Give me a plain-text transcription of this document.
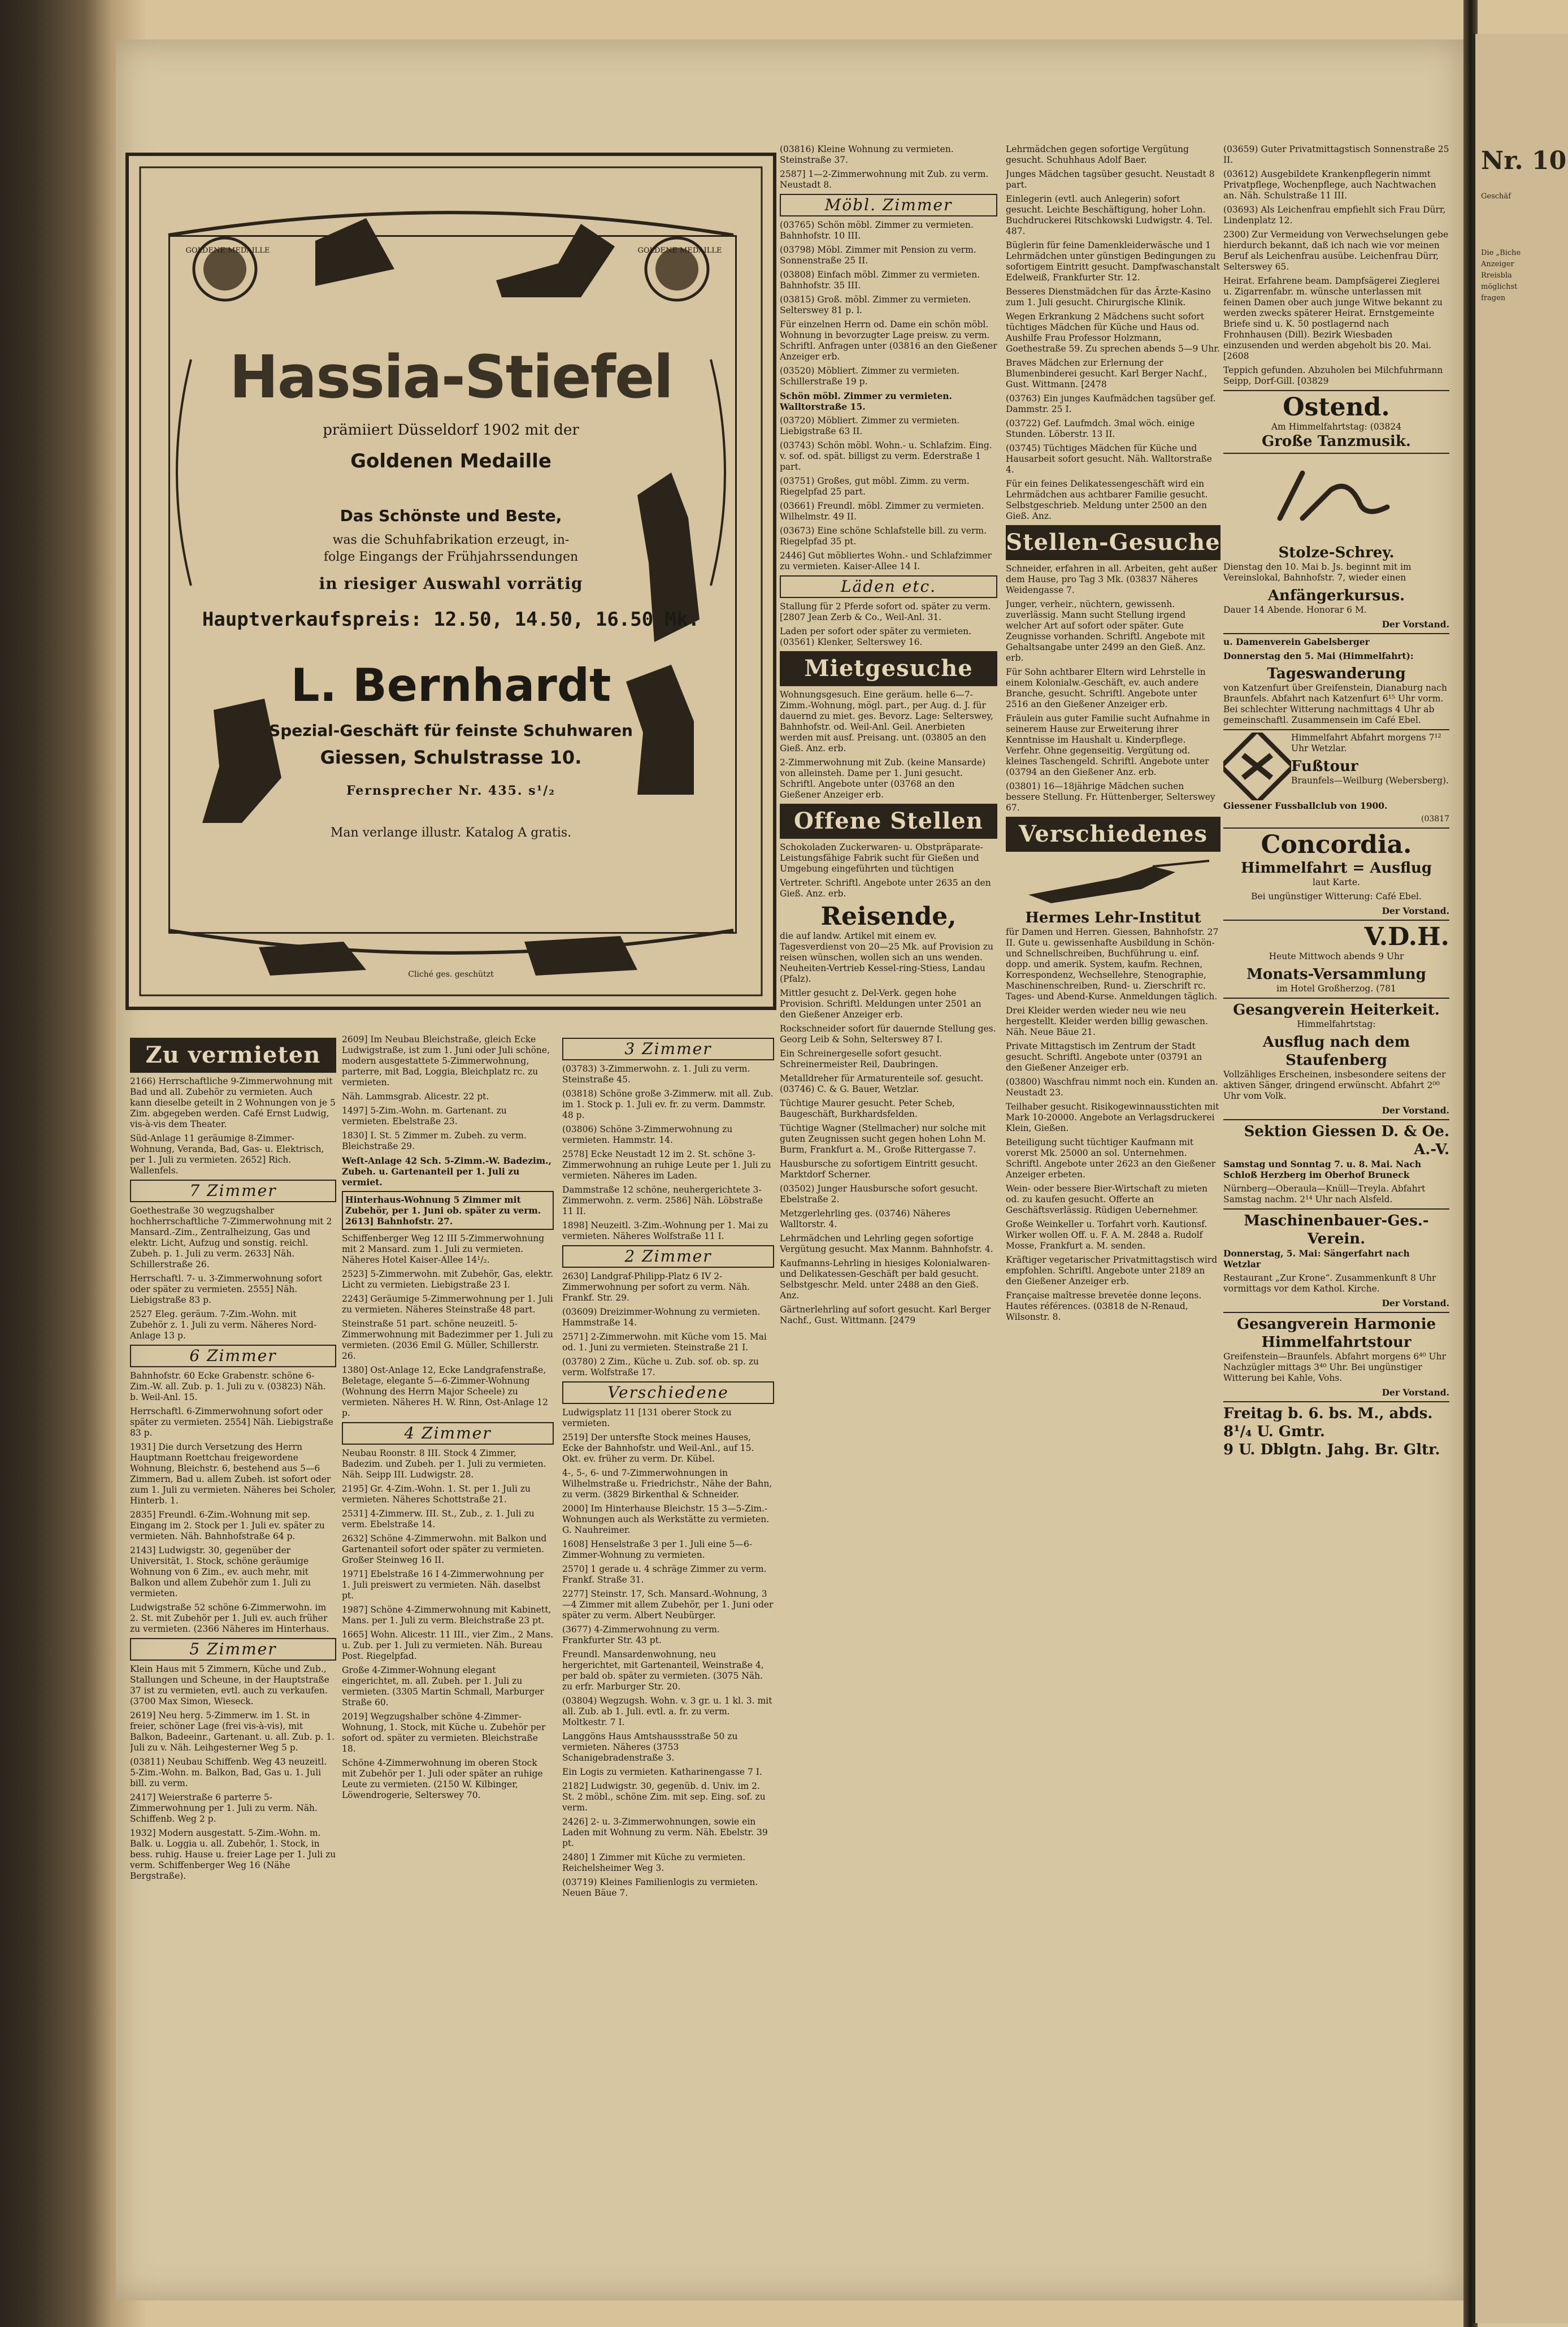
Nr. 10
Geschäf
Die „Biche
Anzeiger
Rreisbla
möglichst
fragen
GOLDENE MEDAILLE	GOLDENE MEDAILLE
Hassia-Stiefel
prämiiert Düsseldorf 1902 mit der
Goldenen Medaille
Das Schönste und Beste,
was die Schuhfabrikation erzeugt, in-
folge Eingangs der Frühjahrssendungen
in riesiger Auswahl vorrätig
Hauptverkaufspreis: 12.50, 14.50, 16.50 Mk.
L. Bernhardt
Spezial-Geschäft für feinste Schuhwaren
Giessen, Schulstrasse 10.
Fernsprecher Nr. 435. s¹/₂
Man verlange illustr. Katalog A gratis.
Cliché ges. geschützt
Zu vermieten
2166) Herrschaftliche 9-Zimmerwohnung mit Bad und all. Zubehör zu vermieten. Auch kann dieselbe geteilt in 2 Wohnungen von je 5 Zim. abgegeben werden. Café Ernst Ludwig, vis-à-vis dem Theater.
Süd-Anlage 11 geräumige 8-Zimmer-Wohnung, Veranda, Bad, Gas- u. Elektrisch, per 1. Juli zu vermieten. 2652] Rich. Wallenfels.
7 Zimmer
Goethestraße 30 wegzugshalber hochherrschaftliche 7-Zimmerwohnung mit 2 Mansard.-Zim., Zentralheizung, Gas und elektr. Licht, Aufzug und sonstig. reichl. Zubeh. p. 1. Juli zu verm. 2633] Näh. Schillerstraße 26.
Herrschaftl. 7- u. 3-Zimmerwohnung sofort oder später zu vermieten. 2555] Näh. Liebigstraße 83 p.
2527 Eleg. geräum. 7-Zim.-Wohn. mit Zubehör z. 1. Juli zu verm. Näheres Nord-Anlage 13 p.
6 Zimmer
Bahnhofstr. 60 Ecke Grabenstr. schöne 6-Zim.-W. all. Zub. p. 1. Juli zu v. (03823) Näh. b. Weil-Anl. 15.
Herrschaftl. 6-Zimmerwohnung sofort oder später zu vermieten. 2554] Näh. Liebigstraße 83 p.
1931] Die durch Versetzung des Herrn Hauptmann Roettchau freigewordene Wohnung, Bleichstr. 6, bestehend aus 5—6 Zimmern, Bad u. allem Zubeh. ist sofort oder zum 1. Juli zu vermieten. Näheres bei Scholer, Hinterb. 1.
2835] Freundl. 6-Zim.-Wohnung mit sep. Eingang im 2. Stock per 1. Juli ev. später zu vermieten. Näh. Bahnhofstraße 64 p.
2143] Ludwigstr. 30, gegenüber der Universität, 1. Stock, schöne geräumige Wohnung von 6 Zim., ev. auch mehr, mit Balkon und allem Zubehör zum 1. Juli zu vermieten.
Ludwigstraße 52 schöne 6-Zimmerwohn. im 2. St. mit Zubehör per 1. Juli ev. auch früher zu vermieten. (2366 Näheres im Hinterhaus.
5 Zimmer
Klein Haus mit 5 Zimmern, Küche und Zub., Stallungen und Scheune, in der Hauptstraße 37 ist zu vermieten, evtl. auch zu verkaufen. (3700 Max Simon, Wieseck.
2619] Neu herg. 5-Zimmerw. im 1. St. in freier, schöner Lage (frei vis-à-vis), mit Balkon, Badeeinr., Gartenant. u. all. Zub. p. 1. Juli zu v. Näh. Leihgesterner Weg 5 p.
(03811) Neubau Schiffenb. Weg 43 neuzeitl. 5-Zim.-Wohn. m. Balkon, Bad, Gas u. 1. Juli bill. zu verm.
2417] Weierstraße 6 parterre 5-Zimmerwohnung per 1. Juli zu verm. Näh. Schiffenb. Weg 2 p.
1932] Modern ausgestatt. 5-Zim.-Wohn. m. Balk. u. Loggia u. all. Zubehör, 1. Stock, in bess. ruhig. Hause u. freier Lage per 1. Juli zu verm. Schiffenberger Weg 16 (Nähe Bergstraße).
2609] Im Neubau Bleichstraße, gleich Ecke Ludwigstraße, ist zum 1. Juni oder Juli schöne, modern ausgestattete 5-Zimmerwohnung, parterre, mit Bad, Loggia, Bleichplatz rc. zu vermieten.
Näh. Lammsgrab. Alicestr. 22 pt.
1497] 5-Zim.-Wohn. m. Gartenant. zu vermieten. Ebelstraße 23.
1830] I. St. 5 Zimmer m. Zubeh. zu verm. Bleichstraße 29.
Weſt-Anlage 42 Sch. 5-Zimm.-W. Badezim., Zubeh. u. Gartenanteil per 1. Juli zu vermiet.
Hinterhaus-Wohnung 5 Zimmer mit Zubehör, per 1. Juni ob. später zu verm. 2613] Bahnhofstr. 27.
Schiffenberger Weg 12 III 5-Zimmerwohnung mit 2 Mansard. zum 1. Juli zu vermieten. Näheres Hotel Kaiser-Allee 14¹/₂.
2523] 5-Zimmerwohn. mit Zubehör, Gas, elektr. Licht zu vermieten. Liebigstraße 23 I.
2243] Geräumige 5-Zimmerwohnung per 1. Juli zu vermieten. Näheres Steinstraße 48 part.
Steinstraße 51 part. schöne neuzeitl. 5-Zimmerwohnung mit Badezimmer per 1. Juli zu vermieten. (2036 Emil G. Müller, Schillerstr. 26.
1380] Ost-Anlage 12, Ecke Landgrafenstraße, Beletage, elegante 5—6-Zimmer-Wohnung (Wohnung des Herrn Major Scheele) zu vermieten. Näheres H. W. Rinn, Ost-Anlage 12 p.
4 Zimmer
Neubau Roonstr. 8 III. Stock 4 Zimmer, Badezim. und Zubeh. per 1. Juli zu vermieten. Näh. Seipp III. Ludwigstr. 28.
2195] Gr. 4-Zim.-Wohn. 1. St. per 1. Juli zu vermieten. Näheres Schottstraße 21.
2531] 4-Zimmerw. III. St., Zub., z. 1. Juli zu verm. Ebelstraße 14.
2632] Schöne 4-Zimmerwohn. mit Balkon und Gartenanteil sofort oder später zu vermieten. Großer Steinweg 16 II.
1971] Ebelstraße 16 I 4-Zimmerwohnung per 1. Juli preiswert zu vermieten. Näh. daselbst pt.
1987] Schöne 4-Zimmerwohnung mit Kabinett, Mans. per 1. Juli zu verm. Bleichstraße 23 pt.
1665] Wohn. Alicestr. 11 III., vier Zim., 2 Mans. u. Zub. per 1. Juli zu vermieten. Näh. Bureau Post. Riegelpfad.
Große 4-Zimmer-Wohnung elegant eingerichtet, m. all. Zubeh. per 1. Juli zu vermieten. (3305 Martin Schmall, Marburger Straße 60.
2019] Wegzugshalber schöne 4-Zimmer-Wohnung, 1. Stock, mit Küche u. Zubehör per sofort od. später zu vermieten. Bleichstraße 18.
Schöne 4-Zimmerwohnung im oberen Stock mit Zubehör per 1. Juli oder später an ruhige Leute zu vermieten. (2150 W. Kilbinger, Löwendrogerie, Selterswey 70.
3 Zimmer
(03783) 3-Zimmerwohn. z. 1. Juli zu verm. Steinstraße 45.
(03818) Schöne große 3-Zimmerw. mit all. Zub. im 1. Stock p. 1. Juli ev. fr. zu verm. Dammstr. 48 p.
(03806) Schöne 3-Zimmerwohnung zu vermieten. Hammstr. 14.
2578] Ecke Neustadt 12 im 2. St. schöne 3-Zimmerwohnung an ruhige Leute per 1. Juli zu vermieten. Näheres im Laden.
Dammstraße 12 schöne, neuhergerichtete 3-Zimmerwohn. z. verm. 2586] Näh. Löbstraße 11 II.
1898] Neuzeitl. 3-Zim.-Wohnung per 1. Mai zu vermieten. Näheres Wolfstraße 11 I.
2 Zimmer
2630] Landgraf-Philipp-Platz 6 IV 2-Zimmerwohnung per sofort zu verm. Näh. Frankf. Str. 29.
(03609) Dreizimmer-Wohnung zu vermieten. Hammstraße 14.
2571] 2-Zimmerwohn. mit Küche vom 15. Mai od. 1. Juni zu vermieten. Steinstraße 21 I.
(03780) 2 Zim., Küche u. Zub. sof. ob. sp. zu verm. Wolfstraße 17.
Verschiedene
Ludwigsplatz 11 [131 oberer Stock zu vermieten.
2519] Der untersfte Stock meines Hauses, Ecke der Bahnhofstr. und Weil-Anl., auf 15. Okt. ev. früher zu verm. Dr. Kübel.
4-, 5-, 6- und 7-Zimmerwohnungen in Wilhelmstraße u. Friedrichstr., Nähe der Bahn, zu verm. (3829 Birkenthal & Schneider.
2000] Im Hinterhause Bleichstr. 15 3—5-Zim.-Wohnungen auch als Werkstätte zu vermieten. G. Nauhreimer.
1608] Henselstraße 3 per 1. Juli eine 5—6-Zimmer-Wohnung zu vermieten.
2570] 1 gerade u. 4 schräge Zimmer zu verm. Frankf. Straße 31.
2277] Steinstr. 17, Sch. Mansard.-Wohnung, 3—4 Zimmer mit allem Zubehör, per 1. Juni oder später zu verm. Albert Neubürger.
(3677) 4-Zimmerwohnung zu verm. Frankfurter Str. 43 pt.
Freundl. Mansardenwohnung, neu hergerichtet, mit Gartenanteil, Weinstraße 4, per bald ob. später zu vermieten. (3075 Näh. zu erfr. Marburger Str. 20.
(03804) Wegzugsh. Wohn. v. 3 gr. u. 1 kl. 3. mit all. Zub. ab 1. Juli. evtl. a. fr. zu verm. Moltkestr. 7 I.
Langgöns Haus Amtshaussstraße 50 zu vermieten. Näheres (3753 Schanigebradenstraße 3.
Ein Logis zu vermieten. Katharinengasse 7 I.
2182] Ludwigstr. 30, gegenüb. d. Univ. im 2. St. 2 möbl., schöne Zim. mit sep. Eing. sof. zu verm.
2426] 2- u. 3-Zimmerwohnungen, sowie ein Laden mit Wohnung zu verm. Näh. Ebelstr. 39 pt.
2480] 1 Zimmer mit Küche zu vermieten. Reichelsheimer Weg 3.
(03719) Kleines Familienlogis zu vermieten. Neuen Bäue 7.
(03816) Kleine Wohnung zu vermieten. Steinstraße 37.
2587] 1—2-Zimmerwohnung mit Zub. zu verm. Neustadt 8.
Möbl. Zimmer
(03765) Schön möbl. Zimmer zu vermieten. Bahnhofstr. 10 III.
(03798) Möbl. Zimmer mit Pension zu verm. Sonnenstraße 25 II.
(03808) Einfach möbl. Zimmer zu vermieten. Bahnhofstr. 35 III.
(03815) Groß. möbl. Zimmer zu vermieten. Selterswey 81 p. l.
Für einzelnen Herrn od. Dame ein schön möbl. Wohnung in bevorzugter Lage preisw. zu verm. Schriftl. Anfragen unter (03816 an den Gießener Anzeiger erb.
(03520) Möbliert. Zimmer zu vermieten. Schillerstraße 19 p.
Schön möbl. Zimmer zu vermieten. Walltorstraße 15.
(03720) Möbliert. Zimmer zu vermieten. Liebigstraße 63 II.
(03743) Schön möbl. Wohn.- u. Schlafzim. Eing. v. sof. od. spät. billigst zu verm. Ederstraße 1 part.
(03751) Großes, gut möbl. Zimm. zu verm. Riegelpfad 25 part.
(03661) Freundl. möbl. Zimmer zu vermieten. Wilhelmstr. 49 II.
(03673) Eine schöne Schlafstelle bill. zu verm. Riegelpfad 35 pt.
2446] Gut möbliertes Wohn.- und Schlafzimmer zu vermieten. Kaiser-Allee 14 I.
Läden etc.
Stallung für 2 Pferde sofort od. später zu verm. [2807 Jean Zerb & Co., Weil-Anl. 31.
Laden per sofort oder später zu vermieten. (03561) Klenker, Selterswey 16.
Mietgesuche
Wohnungsgesuch. Eine geräum. helle 6—7-Zimm.-Wohnung, mögl. part., per Aug. d. J. für dauernd zu miet. ges. Bevorz. Lage: Selterswey, Bahnhofstr. od. Weil-Anl. Geil. Anerbieten werden mit ausf. Preisang. unt. (03805 an den Gieß. Anz. erb.
2-Zimmerwohnung mit Zub. (keine Mansarde) von alleinsteh. Dame per 1. Juni gesucht. Schriftl. Angebote unter (03768 an den Gießener Anzeiger erb.
Offene Stellen
Schokoladen Zuckerwaren- u. Obstpräparate-Leistungsfähige Fabrik sucht für Gießen und Umgebung eingeführten und tüchtigen
Vertreter. Schriftl. Angebote unter 2635 an den Gieß. Anz. erb.
Reisende,
die auf landw. Artikel mit einem ev. Tagesverdienst von 20—25 Mk. auf Provision zu reisen wünschen, wollen sich an uns wenden. Neuheiten-Vertrieb Kessel-ring-Stiess, Landau (Pfalz).
Mittler gesucht z. Del-Verk. gegen hohe Provision. Schriftl. Meldungen unter 2501 an den Gießener Anzeiger erb.
Rockschneider sofort für dauernde Stellung ges. Georg Leib & Sohn, Selterswey 87 I.
Ein Schreinergeselle sofort gesucht. Schreinermeister Reil, Daubringen.
Metalldreher für Armaturenteile sof. gesucht. (03746) C. & G. Bauer, Wetzlar.
Tüchtige Maurer gesucht. Peter Scheb, Baugeschäft, Burkhardsfelden.
Tüchtige Wagner (Stellmacher) nur solche mit guten Zeugnissen sucht gegen hohen Lohn M. Burm, Frankfurt a. M., Große Rittergasse 7.
Hausbursche zu sofortigem Eintritt gesucht. Marktdorf Scherner.
(03502) Junger Hausbursche sofort gesucht. Ebelstraße 2.
Metzgerlehrling ges. (03746) Näheres Walltorstr. 4.
Lehrmädchen und Lehrling gegen sofortige Vergütung gesucht. Max Mannm. Bahnhofstr. 4.
Kaufmanns-Lehrling in hiesiges Kolonialwaren- und Delikatessen-Geschäft per bald gesucht. Selbstgeschr. Meld. unter 2488 an den Gieß. Anz.
Gärtnerlehrling auf sofort gesucht. Karl Berger Nachf., Gust. Wittmann. [2479
Lehrmädchen gegen sofortige Vergütung gesucht. Schuhhaus Adolf Baer.
Junges Mädchen tagsüber gesucht. Neustadt 8 part.
Einlegerin (evtl. auch Anlegerin) sofort gesucht. Leichte Beschäftigung, hoher Lohn. Buchdruckerei Ritschkowski Ludwigstr. 4. Tel. 487.
Büglerin für feine Damenkleiderwäsche und 1 Lehrmädchen unter günstigen Bedingungen zu sofortigem Eintritt gesucht. Dampfwaschanstalt Edelweiß, Frankfurter Str. 12.
Besseres Dienstmädchen für das Ärzte-Kasino zum 1. Juli gesucht. Chirurgische Klinik.
Wegen Erkrankung 2 Mädchens sucht sofort tüchtiges Mädchen für Küche und Haus od. Aushilfe Frau Professor Holzmann, Goethestraße 59. Zu sprechen abends 5—9 Uhr.
Braves Mädchen zur Erlernung der Blumenbinderei gesucht. Karl Berger Nachf., Gust. Wittmann. [2478
(03763) Ein junges Kaufmädchen tagsüber gef. Dammstr. 25 I.
(03722) Gef. Laufmdch. 3mal wöch. einige Stunden. Löberstr. 13 II.
(03745) Tüchtiges Mädchen für Küche und Hausarbeit sofort gesucht. Näh. Walltorstraße 4.
Für ein feines Delikatessengeschäft wird ein Lehrmädchen aus achtbarer Familie gesucht. Selbstgeschrieb. Meldung unter 2500 an den Gieß. Anz.
Stellen-Gesuche
Schneider, erfahren in all. Arbeiten, geht außer dem Hause, pro Tag 3 Mk. (03837 Näheres Weidengasse 7.
Junger, verheir., nüchtern, gewissenh. zuverlässig. Mann sucht Stellung irgend welcher Art auf sofort oder später. Gute Zeugnisse vorhanden. Schriftl. Angebote mit Gehaltsangabe unter 2499 an den Gieß. Anz. erb.
Für Sohn achtbarer Eltern wird Lehrstelle in einem Kolonialw.-Geschäft, ev. auch andere Branche, gesucht. Schriftl. Angebote unter 2516 an den Gießener Anzeiger erb.
Fräulein aus guter Familie sucht Aufnahme in seinerem Hause zur Erweiterung ihrer Kenntnisse im Haushalt u. Kinderpflege. Verfehr. Ohne gegenseitig. Vergütung od. kleines Taschengeld. Schriftl. Angebote unter (03794 an den Gießener Anz. erb.
(03801) 16—18jährige Mädchen suchen bessere Stellung. Fr. Hüttenberger, Selterswey 67.
Verschiedenes
Hermes Lehr-Institut
für Damen und Herren. Giessen, Bahnhofstr. 27 II. Gute u. gewissenhafte Ausbildung in Schön- und Schnellschreiben, Buchführung u. einf. dopp. und amerik. System, kaufm. Rechnen, Korrespondenz, Wechsellehre, Stenographie, Maschinenschreiben, Rund- u. Zierschrift rc. Tages- und Abend-Kurse. Anmeldungen täglich.
Drei Kleider werden wieder neu wie neu hergestellt. Kleider werden billig gewaschen. Näh. Neue Bäue 21.
Private Mittagstisch im Zentrum der Stadt gesucht. Schriftl. Angebote unter (03791 an den Gießener Anzeiger erb.
(03800) Waschfrau nimmt noch ein. Kunden an. Neustadt 23.
Teilhaber gesucht. Risikogewinnausstichten mit Mark 10-20000. Angebote an Verlagsdruckerei Klein, Gießen.
Beteiligung sucht tüchtiger Kaufmann mit vorerst Mk. 25000 an sol. Unternehmen. Schriftl. Angebote unter 2623 an den Gießener Anzeiger erbeten.
Wein- oder bessere Bier-Wirtschaft zu mieten od. zu kaufen gesucht. Offerte an Geschäftsverlässig. Rüdigen Uebernehmer.
Große Weinkeller u. Torfahrt vorh. Kautionsf. Wirker wollen Off. u. F. A. M. 2848 a. Rudolf Mosse, Frankfurt a. M. senden.
Kräftiger vegetarischer Privatmittagstisch wird empfohlen. Schriftl. Angebote unter 2189 an den Gießener Anzeiger erb.
Française maîtresse brevetée donne leçons. Hautes références. (03818 de N-Renaud, Wilsonstr. 8.
(03659) Guter Privatmittagstisch Sonnenstraße 25 II.
(03612) Ausgebildete Krankenpflegerin nimmt Privatpflege, Wochenpflege, auch Nachtwachen an. Näh. Schulstraße 11 III.
(03693) Als Leichenfrau empfiehlt sich Frau Dürr, Lindenplatz 12.
2300) Zur Vermeidung von Verwechselungen gebe hierdurch bekannt, daß ich nach wie vor meinen Beruf als Leichenfrau ausübe. Leichenfrau Dürr, Selterswey 65.
Heirat. Erfahrene beam. Dampfsägerei Zieglerei u. Zigarrenfabr. m. wünsche unterlassen mit feinen Damen ober auch junge Witwe bekannt zu werden zwecks späterer Heirat. Ernstgemeinte Briefe sind u. K. 50 postlagernd nach Frohnhausen (Dill). Bezirk Wiesbaden einzusenden und werden abgeholt bis 20. Mai. [2608
Teppich gefunden. Abzuholen bei Milchfuhrmann Seipp, Dorf-Gill. [03829
Ostend.
Am Himmelfahrtstag: (03824
Große Tanzmusik.
Stolze-Schrey.
Dienstag den 10. Mai b. Js. beginnt mit im Vereinslokal, Bahnhofstr. 7, wieder einen
Anfängerkursus.
Dauer 14 Abende. Honorar 6 M.
Der Vorstand.
u. Damenverein Gabelsberger
Donnerstag den 5. Mai (Himmelfahrt):
Tageswanderung
von Katzenfurt über Greifenstein, Dianaburg nach Braunfels. Abfahrt nach Katzenfurt 6¹⁵ Uhr vorm. Bei schlechter Witterung nachmittags 4 Uhr ab gemeinschaftl. Zusammensein im Café Ebel.
Himmelfahrt Abfahrt morgens 7¹² Uhr Wetzlar.
Fußtour
Braunfels—Weilburg (Webersberg).
Giessener Fussballclub von 1900.
(03817
Concordia.
Himmelfahrt = Ausflug
laut Karte.
Bei ungünstiger Witterung: Café Ebel.
Der Vorstand.
V.D.H.
Heute Mittwoch abends 9 Uhr
Monats-Versammlung
im Hotel Großherzog. (781
Gesangverein Heiterkeit.
Himmelfahrtstag:
Ausflug nach dem Staufenberg
Vollzähliges Erscheinen, insbesondere seitens der aktiven Sänger, dringend erwünscht. Abfahrt 2⁰⁰ Uhr vom Volk.
Der Vorstand.
Sektion Giessen D. & Oe. A.-V.
Samstag und Sonntag 7. u. 8. Mai. Nach Schloß Herzberg im Oberhof Bruneck
Nürnberg—Oberaula—Knüll—Treyla. Abfahrt Samstag nachm. 2¹⁴ Uhr nach Alsfeld.
Maschinenbauer-Ges.-Verein.
Donnerstag, 5. Mai: Sängerfahrt nach Wetzlar
Restaurant „Zur Krone“. Zusammenkunft 8 Uhr vormittags vor dem Kathol. Kirche.
Der Vorstand.
Gesangverein Harmonie
Himmelfahrtstour
Greifenstein—Braunfels. Abfahrt morgens 6⁴⁰ Uhr Nachzügler mittags 3⁴⁰ Uhr. Bei ungünstiger Witterung bei Kahle, Vohs.
Der Vorstand.
Freitag b. 6. bs. M., abds. 8¹/₄ U. Gmtr.
9 U. Dblgtn. Jahg. Br. Gltr.
